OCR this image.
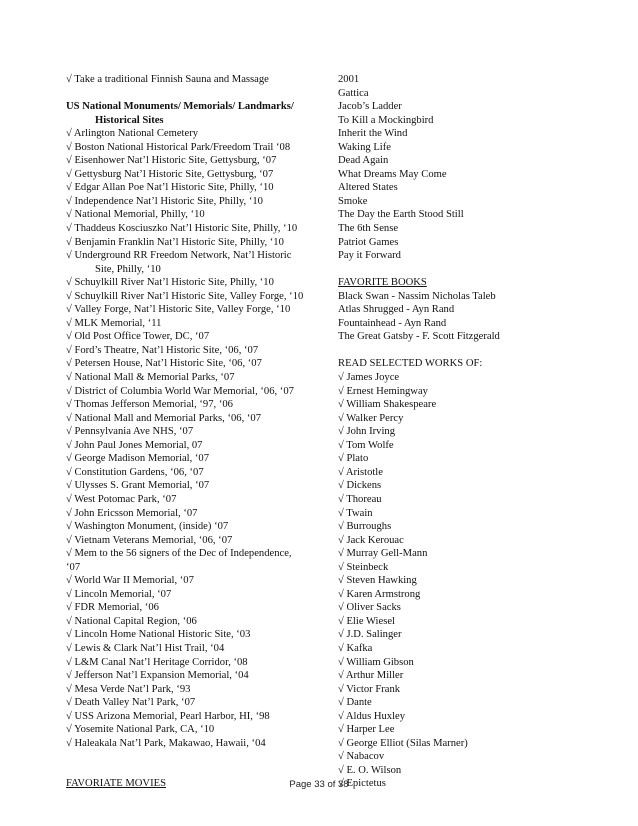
√ Take a traditional Finnish Sauna and Massage
US National Monuments/ Memorials/ Landmarks/
Historical Sites
√ Arlington National Cemetery
√ Boston National Historical Park/Freedom Trail ‘08
√ Eisenhower Nat’l Historic Site, Gettysburg, ‘07
√ Gettysburg Nat’l Historic Site, Gettysburg, ‘07
√ Edgar Allan Poe Nat’l Historic Site, Philly, ‘10
√ Independence Nat’l Historic Site, Philly, ‘10
√ National Memorial, Philly, ‘10
√ Thaddeus Kosciuszko Nat’l Historic Site, Philly, ‘10
√ Benjamin Franklin Nat’l Historic Site, Philly, ‘10
√ Underground RR Freedom Network, Nat’l Historic
Site, Philly, ‘10
√ Schuylkill River Nat’l Historic Site, Philly, ‘10
√ Schuylkill River Nat’l Historic Site, Valley Forge, ‘10
√ Valley Forge, Nat’l Historic Site, Valley Forge, ‘10
√ MLK Memorial, ‘11
√ Old Post Office Tower, DC, ‘07
√ Ford’s Theatre, Nat’l Historic Site, ‘06, ‘07
√ Petersen House, Nat’l Historic Site, ‘06, ‘07
√ National Mall & Memorial Parks, ‘07
√ District of Columbia World War Memorial, ‘06, ‘07
√ Thomas Jefferson Memorial, ‘97, ‘06
√ National Mall and Memorial Parks, ‘06, ‘07
√ Pennsylvania Ave NHS, ‘07
√ John Paul Jones Memorial, 07
√ George Madison Memorial, ‘07
√ Constitution Gardens, ‘06, ‘07
√ Ulysses S. Grant Memorial, ‘07
√ West Potomac Park, ‘07
√ John Ericsson Memorial, ‘07
√ Washington Monument, (inside) ‘07
√ Vietnam Veterans Memorial, ‘06, ‘07
√ Mem to the 56 signers of the Dec of Independence,
‘07
√ World War II Memorial, ‘07
√ Lincoln Memorial, ‘07
√ FDR Memorial, ‘06
√ National Capital Region, ‘06
√ Lincoln Home National Historic Site, ‘03
√ Lewis & Clark Nat’l Hist Trail, ‘04
√ L&M Canal Nat’l Heritage Corridor, ‘08
√ Jefferson Nat’l Expansion Memorial, ‘04
√ Mesa Verde Nat’l Park, ‘93
√ Death Valley Nat’l Park, ‘07
√ USS Arizona Memorial, Pearl Harbor, HI, ‘98
√ Yosemite National Park, CA, ‘10
√ Haleakala Nat’l Park, Makawao, Hawaii, ‘04
FAVORIATE MOVIES
2001
Gattica
Jacob’s Ladder
To Kill a Mockingbird
Inherit the Wind
Waking Life
Dead Again
What Dreams May Come
Altered States
Smoke
The Day the Earth Stood Still
The 6th Sense
Patriot Games
Pay it Forward
FAVORITE BOOKS
Black Swan - Nassim Nicholas Taleb
Atlas Shrugged - Ayn Rand
Fountainhead - Ayn Rand
The Great Gatsby - F. Scott Fitzgerald
READ SELECTED WORKS OF:
√ James Joyce
√ Ernest Hemingway
√ William Shakespeare
√ Walker Percy
√ John Irving
√ Tom Wolfe
√ Plato
√ Aristotle
√ Dickens
√ Thoreau
√ Twain
√ Burroughs
√ Jack Kerouac
√ Murray Gell-Mann
√ Steinbeck
√ Steven Hawking
√ Karen Armstrong
√ Oliver Sacks
√ Elie Wiesel
√ J.D. Salinger
√ Kafka
√ William Gibson
√ Arthur Miller
√ Victor Frank
√ Dante
√ Aldus Huxley
√ Harper Lee
√ George Elliot (Silas Marner)
√ Nabacov
√ E. O. Wilson
√ Epictetus
Page 33 of 38
